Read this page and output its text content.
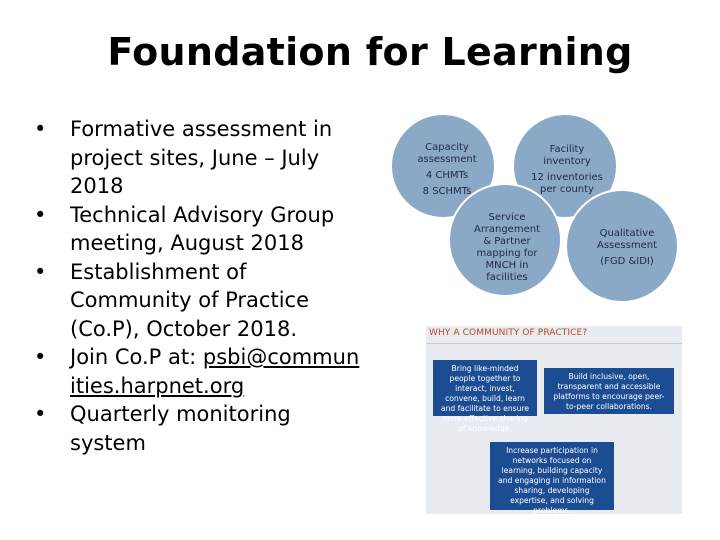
Foundation for Learning
• Formative assessment in project sites, June – July 2018
• Technical Advisory Group meeting, August 2018
• Establishment of Community of Practice (Co.P), October 2018.
• Join Co.P at: psbi@communities.harpnet.org
• Quarterly monitoring system
Capacity
assessment
4 CHMTs
8 SCHMTs
Facility
inventory
12 inventories
per county
Service
Arrangement
& Partner
mapping for
MNCH in
facilities
Qualitative
Assessment
(FGD &IDI)
WHY A COMMUNITY OF PRACTICE?
Bring like-minded people together to interact, invest, convene, build, learn and facilitate to ensure more effective sharing of knowledge.
Build inclusive, open, transparent and accessible platforms to encourage peer-to-peer collaborations.
Increase participation in networks focused on learning, building capacity and engaging in information sharing, developing expertise, and solving problems.
